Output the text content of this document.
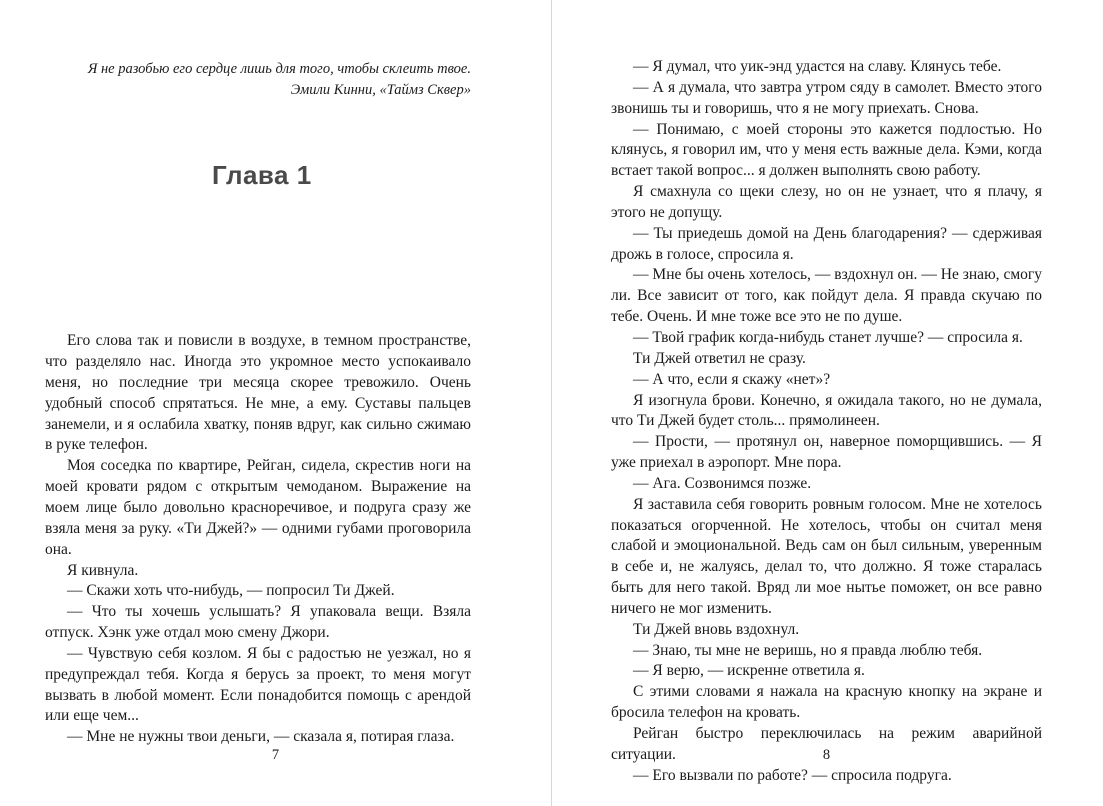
Я не разобью его сердце лишь для того, чтобы склеить твое.
Эмили Кинни, «Таймз Сквер»
Глава 1

Его слова так и повисли в воздухе, в темном пространстве, что разделяло нас. Иногда это укромное место успокаивало меня, но последние три месяца скорее тревожило. Очень удобный способ спрятаться. Не мне, а ему. Суставы пальцев занемели, и я ослабила хватку, поняв вдруг, как сильно сжимаю в руке телефон.

Моя соседка по квартире, Рейган, сидела, скрестив ноги на моей кровати рядом с открытым чемоданом. Выражение на моем лице было довольно красноречивое, и подруга сразу же взяла меня за руку. «Ти Джей?» — одними губами проговорила она.

Я кивнула.

— Скажи хоть что-нибудь, — попросил Ти Джей.

— Что ты хочешь услышать? Я упаковала вещи. Взяла отпуск. Хэнк уже отдал мою смену Джори.

— Чувствую себя козлом. Я бы с радостью не уезжал, но я предупреждал тебя. Когда я берусь за проект, то меня могут вызвать в любой момент. Если понадобится помощь с арендой или еще чем...

— Мне не нужны твои деньги, — сказала я, потирая глаза.

7

— Я думал, что уик-энд удастся на славу. Клянусь тебе.

— А я думала, что завтра утром сяду в самолет. Вместо этого звонишь ты и говоришь, что я не могу приехать. Снова.

— Понимаю, с моей стороны это кажется подлостью. Но клянусь, я говорил им, что у меня есть важные дела. Кэми, когда встает такой вопрос... я должен выполнять свою работу.

Я смахнула со щеки слезу, но он не узнает, что я плачу, я этого не допущу.

— Ты приедешь домой на День благодарения? — сдерживая дрожь в голосе, спросила я.

— Мне бы очень хотелось, — вздохнул он. — Не знаю, смогу ли. Все зависит от того, как пойдут дела. Я правда скучаю по тебе. Очень. И мне тоже все это не по душе.

— Твой график когда-нибудь станет лучше? — спросила я.

Ти Джей ответил не сразу.

— А что, если я скажу «нет»?

Я изогнула брови. Конечно, я ожидала такого, но не думала, что Ти Джей будет столь... прямолинеен.

— Прости, — протянул он, наверное поморщившись. — Я уже приехал в аэропорт. Мне пора.

— Ага. Созвонимся позже.

Я заставила себя говорить ровным голосом. Мне не хотелось показаться огорченной. Не хотелось, чтобы он считал меня слабой и эмоциональной. Ведь сам он был сильным, уверенным в себе и, не жалуясь, делал то, что должно. Я тоже старалась быть для него такой. Вряд ли мое нытье поможет, он все равно ничего не мог изменить.

Ти Джей вновь вздохнул.

— Знаю, ты мне не веришь, но я правда люблю тебя.

— Я верю, — искренне ответила я.

С этими словами я нажала на красную кнопку на экране и бросила телефон на кровать.

Рейган быстро переключилась на режим аварийной ситуации.

— Его вызвали по работе? — спросила подруга.

8
